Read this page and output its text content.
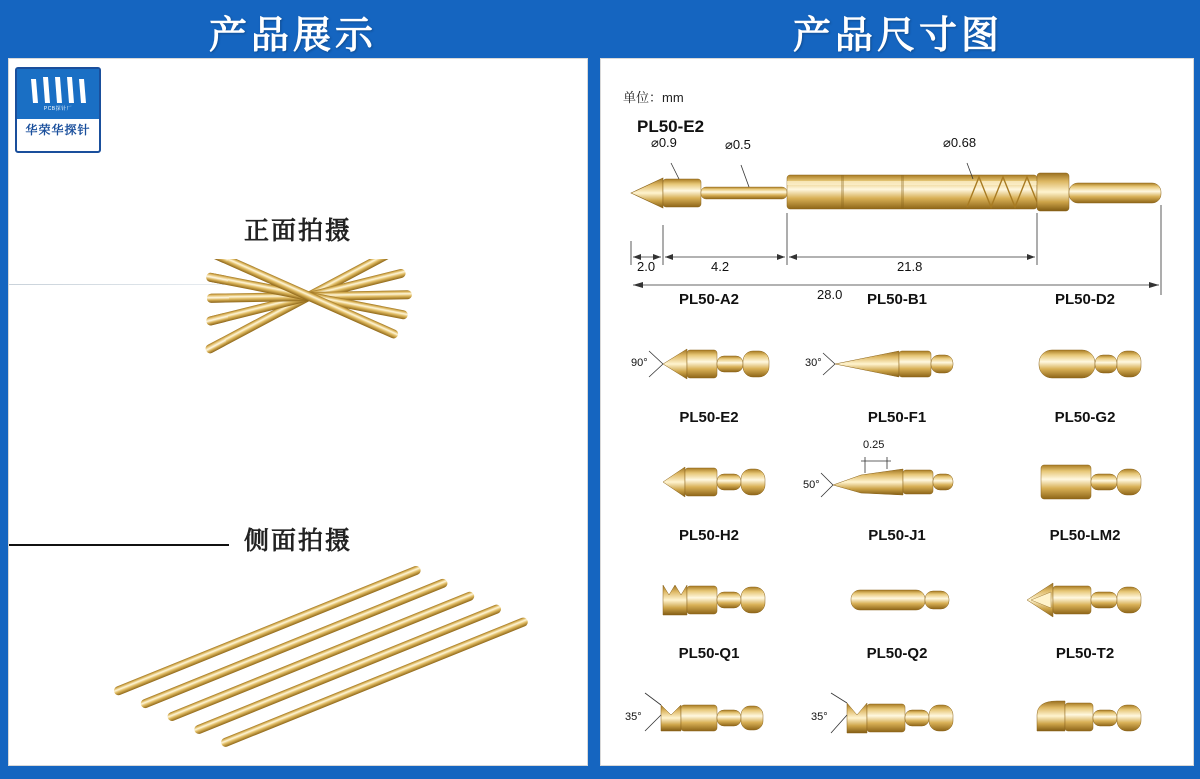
产品展示	产品尺寸图
PCB探针厂
华荣华探针
正面拍摄
侧面拍摄
单位：mm
PL50-E2
⌀0.9	⌀0.5	⌀0.68
2.0	4.2	21.8
28.0
PL50-A2
90°
PL50-B1
30°
PL50-D2
PL50-E2	PL50-F1
50°
0.25
PL50-G2
PL50-H2	PL50-J1	PL50-LM2
PL50-Q1
35°
PL50-Q2
35°
PL50-T2
